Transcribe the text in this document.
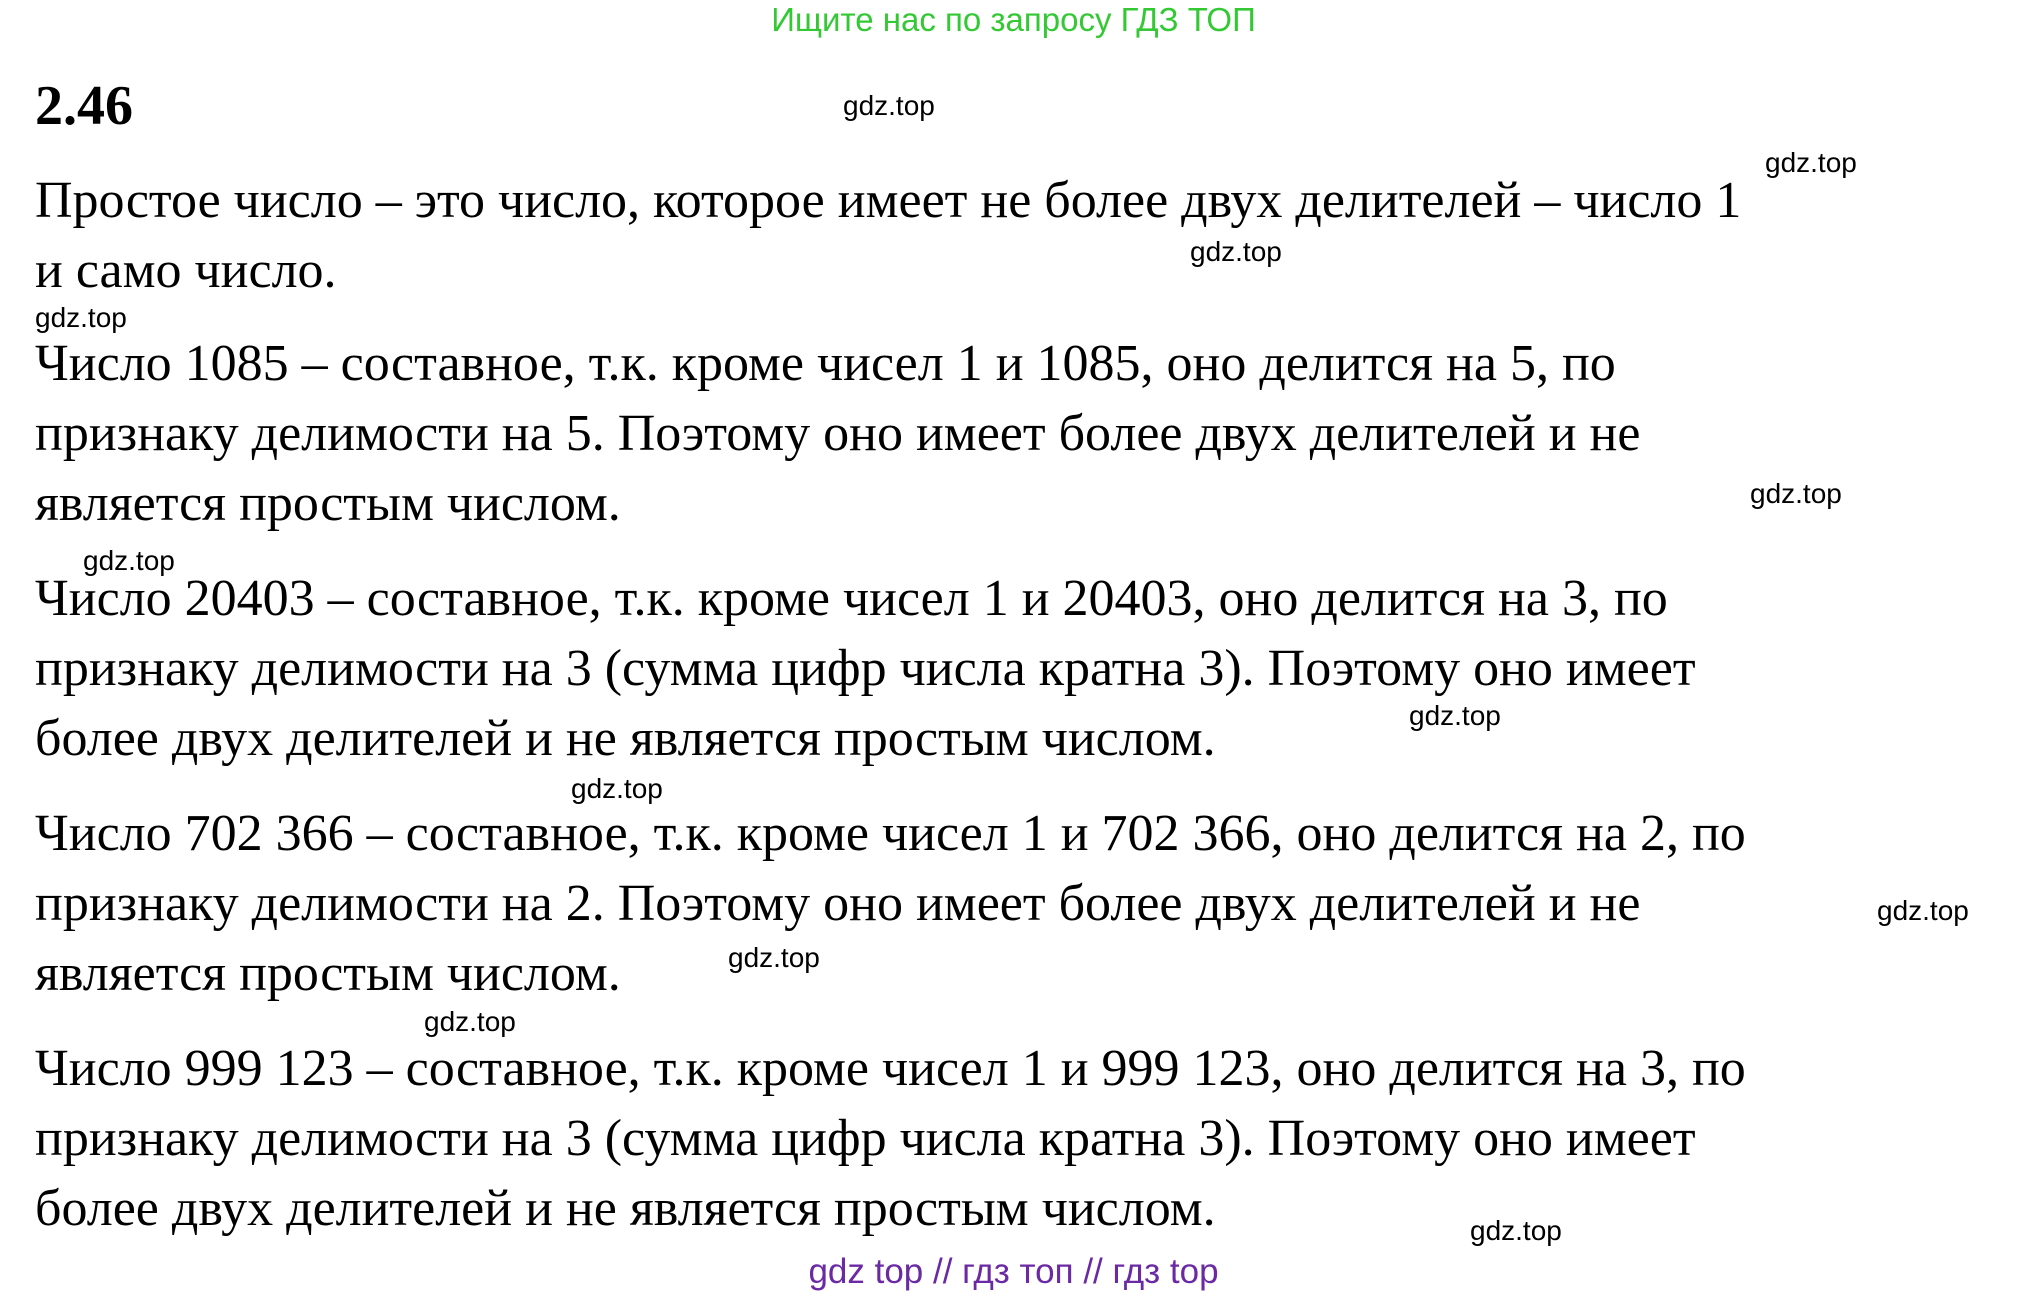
Ищите нас по запросу ГДЗ ТОП
2.46

Простое число – это число, которое имеет не более двух делителей – число 1
и само число.

Число 1085 – составное, т.к. кроме чисел 1 и 1085, оно делится на 5, по
признаку делимости на 5. Поэтому оно имеет более двух делителей и не
является простым числом.

Число 20403 – составное, т.к. кроме чисел 1 и 20403, оно делится на 3, по
признаку делимости на 3 (сумма цифр числа кратна 3). Поэтому оно имеет
более двух делителей и не является простым числом.

Число 702 366 – составное, т.к. кроме чисел 1 и 702 366, оно делится на 2, по
признаку делимости на 2. Поэтому оно имеет более двух делителей и не
является простым числом.

Число 999 123 – составное, т.к. кроме чисел 1 и 999 123, оно делится на 3, по
признаку делимости на 3 (сумма цифр числа кратна 3). Поэтому оно имеет
более двух делителей и не является простым числом.

gdz.top
gdz.top
gdz.top
gdz.top
gdz.top
gdz.top
gdz.top
gdz.top
gdz.top
gdz.top
gdz.top
gdz.top
gdz top // гдз топ // гдз top
